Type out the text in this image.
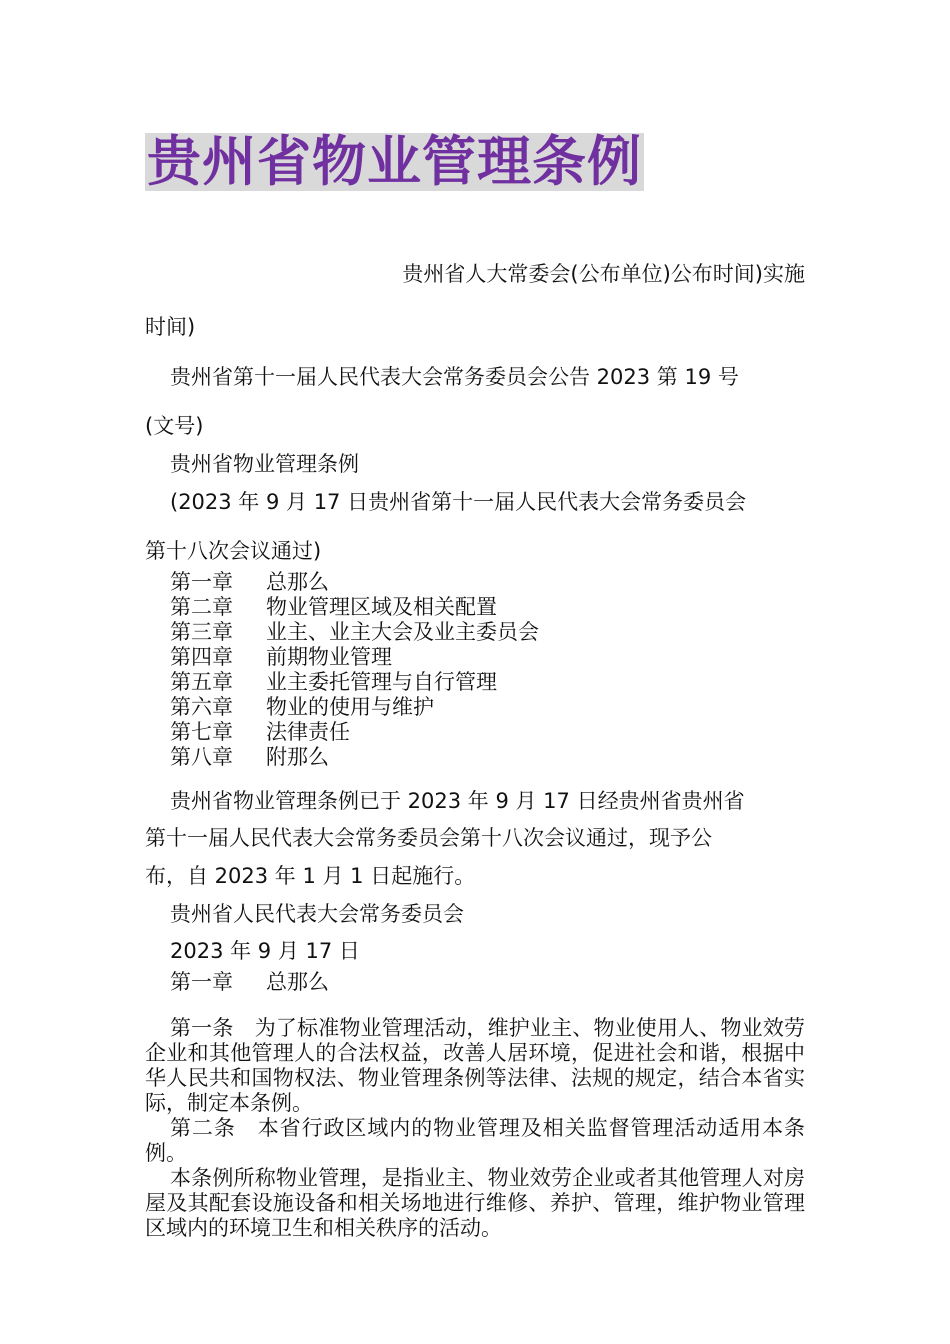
贵州省物业管理条例
贵州省人大常委会(公布单位)公布时间)实施
时间)
贵州省第十一届人民代表大会常务委员会公告 2023 第 19 号
(文号)
贵州省物业管理条例
(2023 年 9 月 17 日贵州省第十一届人民代表大会常务委员会
第十八次会议通过)
第一章 总那么
第二章 物业管理区域及相关配置
第三章 业主、业主大会及业主委员会
第四章 前期物业管理
第五章 业主委托管理与自行管理
第六章 物业的使用与维护
第七章 法律责任
第八章 附那么
贵州省物业管理条例已于 2023 年 9 月 17 日经贵州省贵州省
第十一届人民代表大会常务委员会第十八次会议通过，现予公
布，自 2023 年 1 月 1 日起施行。
贵州省人民代表大会常务委员会
2023 年 9 月 17 日
第一章 总那么

第一条　为了标准物业管理活动，维护业主、物业使用人、物业效劳企业和其他管理人的合法权益，改善人居环境，促进社会和谐，根据中华人民共和国物权法、物业管理条例等法律、法规的规定，结合本省实际，制定本条例。

第二条　本省行政区域内的物业管理及相关监督管理活动适用本条例。

本条例所称物业管理，是指业主、物业效劳企业或者其他管理人对房屋及其配套设施设备和相关场地进行维修、养护、管理，维护物业管理区域内的环境卫生和相关秩序的活动。
